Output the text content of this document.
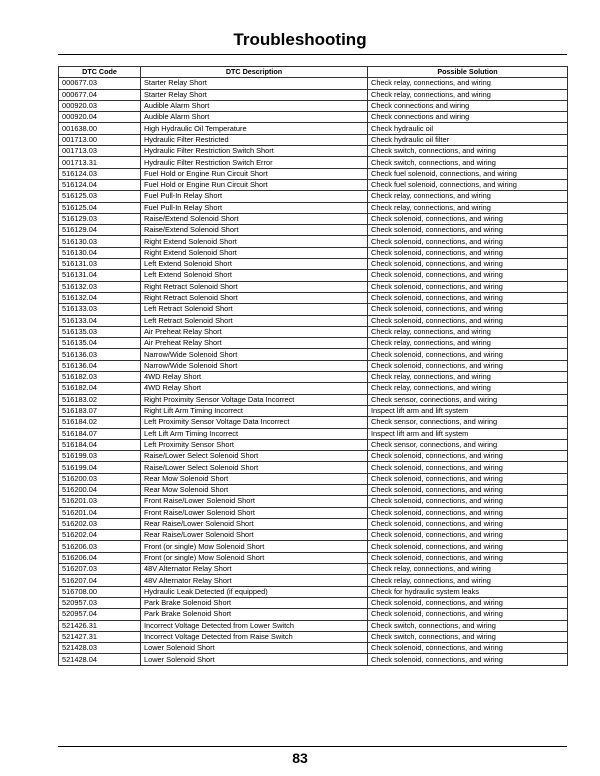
Troubleshooting
DTC Code	DTC Description	Possible Solution
000677.03	Starter Relay Short	Check relay, connections, and wiring
000677.04	Starter Relay Short	Check relay, connections, and wiring
000920.03	Audible Alarm Short	Check connections and wiring
000920.04	Audible Alarm Short	Check connections and wiring
001638.00	High Hydraulic Oil Temperature	Check hydraulic oil
001713.00	Hydraulic Filter Restricted	Check hydraulic oil filter
001713.03	Hydraulic Filter Restriction Switch Short	Check switch, connections, and wiring
001713.31	Hydraulic Filter Restriction Switch Error	Check switch, connections, and wiring
516124.03	Fuel Hold or Engine Run Circuit Short	Check fuel solenoid, connections, and wiring
516124.04	Fuel Hold or Engine Run Circuit Short	Check fuel solenoid, connections, and wiring
516125.03	Fuel Pull-In Relay Short	Check relay, connections, and wiring
516125.04	Fuel Pull-In Relay Short	Check relay, connections, and wiring
516129.03	Raise/Extend Solenoid Short	Check solenoid, connections, and wiring
516129.04	Raise/Extend Solenoid Short	Check solenoid, connections, and wiring
516130.03	Right Extend Solenoid Short	Check solenoid, connections, and wiring
516130.04	Right Extend Solenoid Short	Check solenoid, connections, and wiring
516131.03	Left Extend Solenoid Short	Check solenoid, connections, and wiring
516131.04	Left Extend Solenoid Short	Check solenoid, connections, and wiring
516132.03	Right Retract Solenoid Short	Check solenoid, connections, and wiring
516132.04	Right Retract Solenoid Short	Check solenoid, connections, and wiring
516133.03	Left Retract Solenoid Short	Check solenoid, connections, and wiring
516133.04	Left Retract Solenoid Short	Check solenoid, connections, and wiring
516135.03	Air Preheat Relay Short	Check relay, connections, and wiring
516135.04	Air Preheat Relay Short	Check relay, connections, and wiring
516136.03	Narrow/Wide Solenoid Short	Check solenoid, connections, and wiring
516136.04	Narrow/Wide Solenoid Short	Check solenoid, connections, and wiring
516182.03	4WD Relay Short	Check relay, connections, and wiring
516182.04	4WD Relay Short	Check relay, connections, and wiring
516183.02	Right Proximity Sensor Voltage Data Incorrect	Check sensor, connections, and wiring
516183.07	Right Lift Arm Timing Incorrect	Inspect lift arm and lift system
516184.02	Left Proximity Sensor Voltage Data Incorrect	Check sensor, connections, and wiring
516184.07	Left Lift Arm Timing Incorrect	Inspect lift arm and lift system
516184.04	Left Proximity Sensor Short	Check sensor, connections, and wiring
516199.03	Raise/Lower Select Solenoid Short	Check solenoid, connections, and wiring
516199.04	Raise/Lower Select Solenoid Short	Check solenoid, connections, and wiring
516200.03	Rear Mow Solenoid Short	Check solenoid, connections, and wiring
516200.04	Rear Mow Solenoid Short	Check solenoid, connections, and wiring
516201.03	Front Raise/Lower Solenoid Short	Check solenoid, connections, and wiring
516201.04	Front Raise/Lower Solenoid Short	Check solenoid, connections, and wiring
516202.03	Rear Raise/Lower Solenoid Short	Check solenoid, connections, and wiring
516202.04	Rear Raise/Lower Solenoid Short	Check solenoid, connections, and wiring
516206.03	Front (or single) Mow Solenoid Short	Check solenoid, connections, and wiring
516206.04	Front (or single) Mow Solenoid Short	Check solenoid, connections, and wiring
516207.03	48V Alternator Relay Short	Check relay, connections, and wiring
516207.04	48V Alternator Relay Short	Check relay, connections, and wiring
516708.00	Hydraulic Leak Detected (if equipped)	Check for hydraulic system leaks
520957.03	Park Brake Solenoid Short	Check solenoid, connections, and wiring
520957.04	Park Brake Solenoid Short	Check solenoid, connections, and wiring
521426.31	Incorrect Voltage Detected from Lower Switch	Check switch, connections, and wiring
521427.31	Incorrect Voltage Detected from Raise Switch	Check switch, connections, and wiring
521428.03	Lower Solenoid Short	Check solenoid, connections, and wiring
521428.04	Lower Solenoid Short	Check solenoid, connections, and wiring
83
